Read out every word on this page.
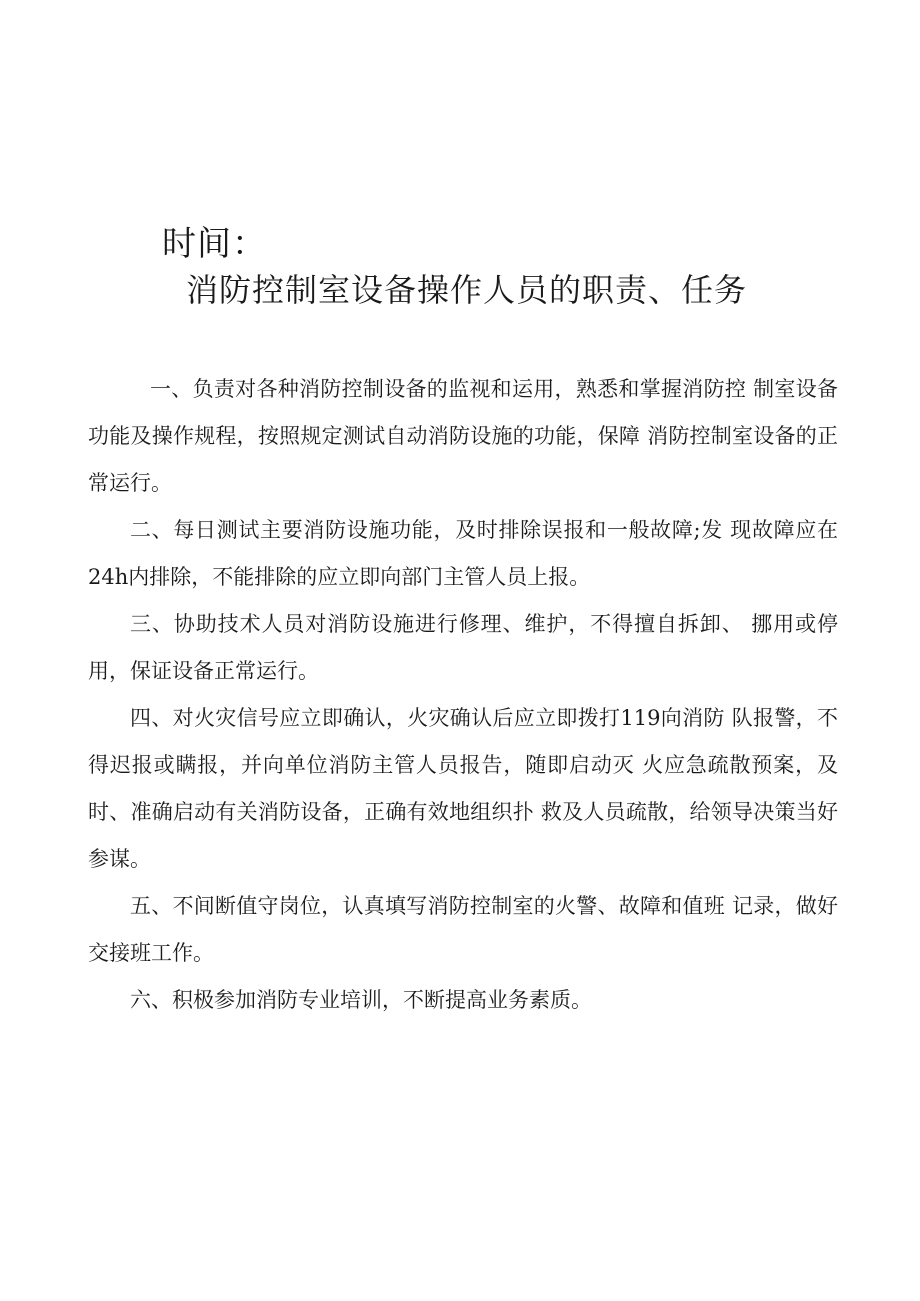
时间：
消防控制室设备操作人员的职责、任务

一、负责对各种消防控制设备的监视和运用，熟悉和掌握消防控 制室设备功能及操作规程，按照规定测试自动消防设施的功能，保障 消防控制室设备的正常运行。

二、每日测试主要消防设施功能，及时排除误报和一般故障;发 现故障应在24h内排除，不能排除的应立即向部门主管人员上报。

三、协助技术人员对消防设施进行修理、维护，不得擅自拆卸、 挪用或停用，保证设备正常运行。

四、对火灾信号应立即确认，火灾确认后应立即拨打119向消防 队报警，不得迟报或瞒报，并向单位消防主管人员报告，随即启动灭 火应急疏散预案，及时、准确启动有关消防设备，正确有效地组织扑 救及人员疏散，给领导决策当好参谋。

五、不间断值守岗位，认真填写消防控制室的火警、故障和值班 记录，做好交接班工作。

六、积极参加消防专业培训，不断提高业务素质。
